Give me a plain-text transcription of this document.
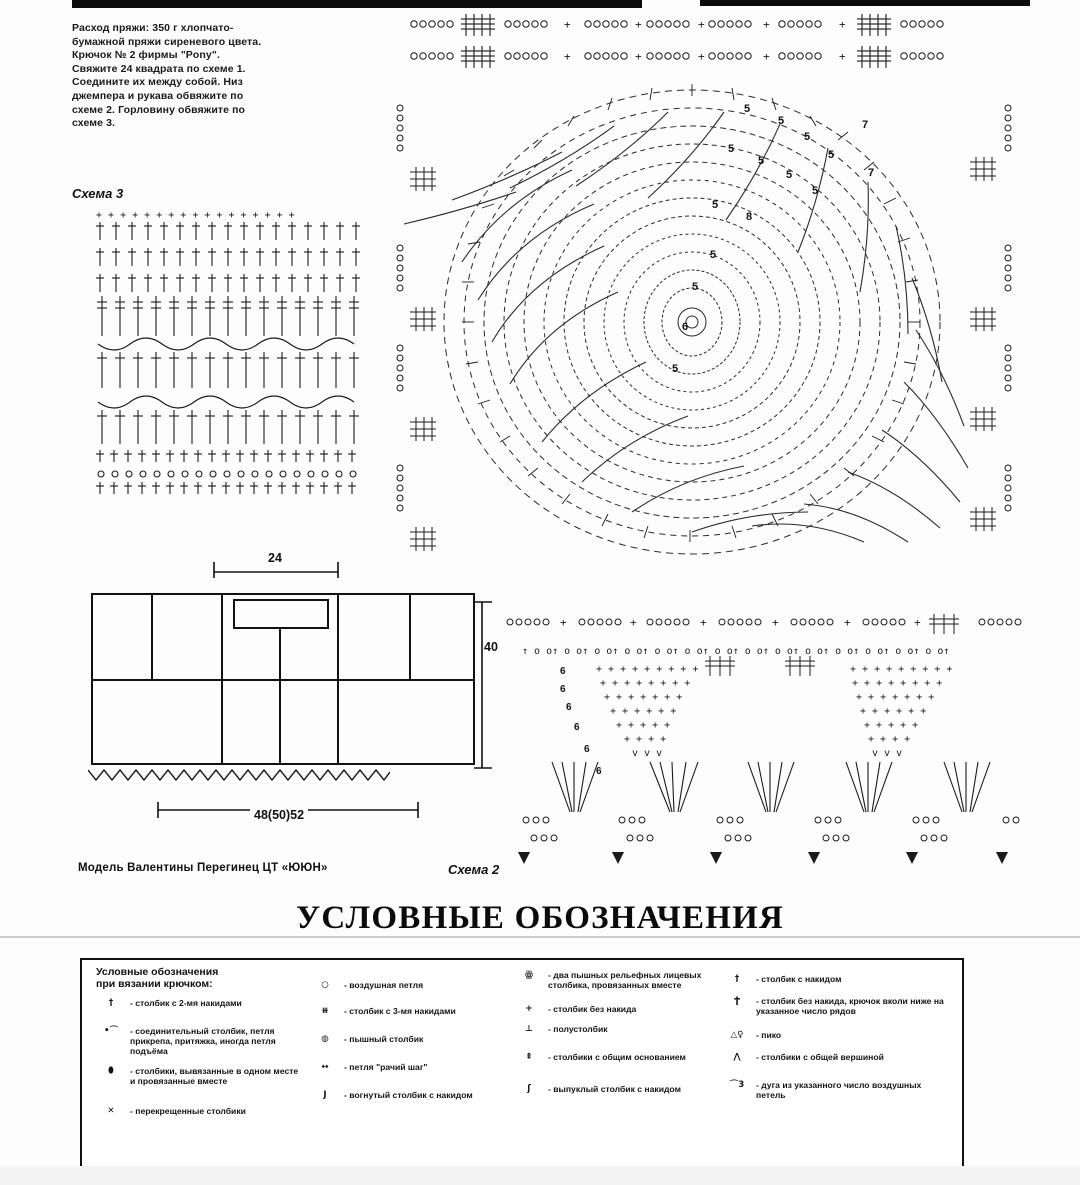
Расход пряжи: 350 г хлопчато-

бумажной пряжи сиреневого цвета.

Крючок № 2 фирмы "Pony".

Свяжите 24 квадрата по схеме 1.

Соедините их между собой. Низ

джемпера и рукава обвяжите по

схеме 2. Горловину обвяжите по

схеме 3.

Схема 3
Схема 2
Модель Валентины Перегинец ЦТ «ЮЮН»
+ + + + + + + + + + + + + + + + +
24
40
48(50)52
+	+	+	+	+
+	+	+	+	+
5
5
5
5
7
5
5
5
5
7
5
8
5
5
6
5
+	+	+	+	+	+
↑ o o↑ o o↑ o o↑ o o↑ o o↑ o o↑ o o↑ o o↑ o o↑ o o↑ o o↑ o o↑ o o↑ o o↑
+ + + + + + + + +	+ + + + + + + + +
+ + + + + + + +	+ + + + + + + +
+ + + + + + +	+ + + + + + +
+ + + + + +	+ + + + + +
+ + + + +	+ + + + +
+ + + +	+ + + +
v v v	v v v
6
6
6
6
6
6
УСЛОВНЫЕ ОБОЗНАЧЕНИЯ
Условные обозначения
при вязании крючком:
†	- столбик с 2-мя накидами
•⌒	- соединительный столбик, петля прикрепа, притяжка, иногда петля подъёма
⬮	- столбики, вывязанные в одном месте и провязанные вместе
✕	- перекрещенные столбики
○	- воздушная петля
⧻	- столбик с 3-мя накидами
◍	- пышный столбик
↔	- петля "рачий шаг"
Ϳ	- вогнутый столбик с накидом
ꙮ	- два пышных рельефных лицевых столбика, провязанных вместе
+	- столбик без накида
⊥	- полустолбик
⇞	- столбики с общим основанием
ʃ	- выпуклый столбик с накидом
†	- столбик с накидом
Ϯ	- столбик без накида, крючок вколи ниже на указанное число рядов
△♀	- пико
⋀	- столбики с общей вершиной
⌒3	- дуга из указанного число воздушных петель
